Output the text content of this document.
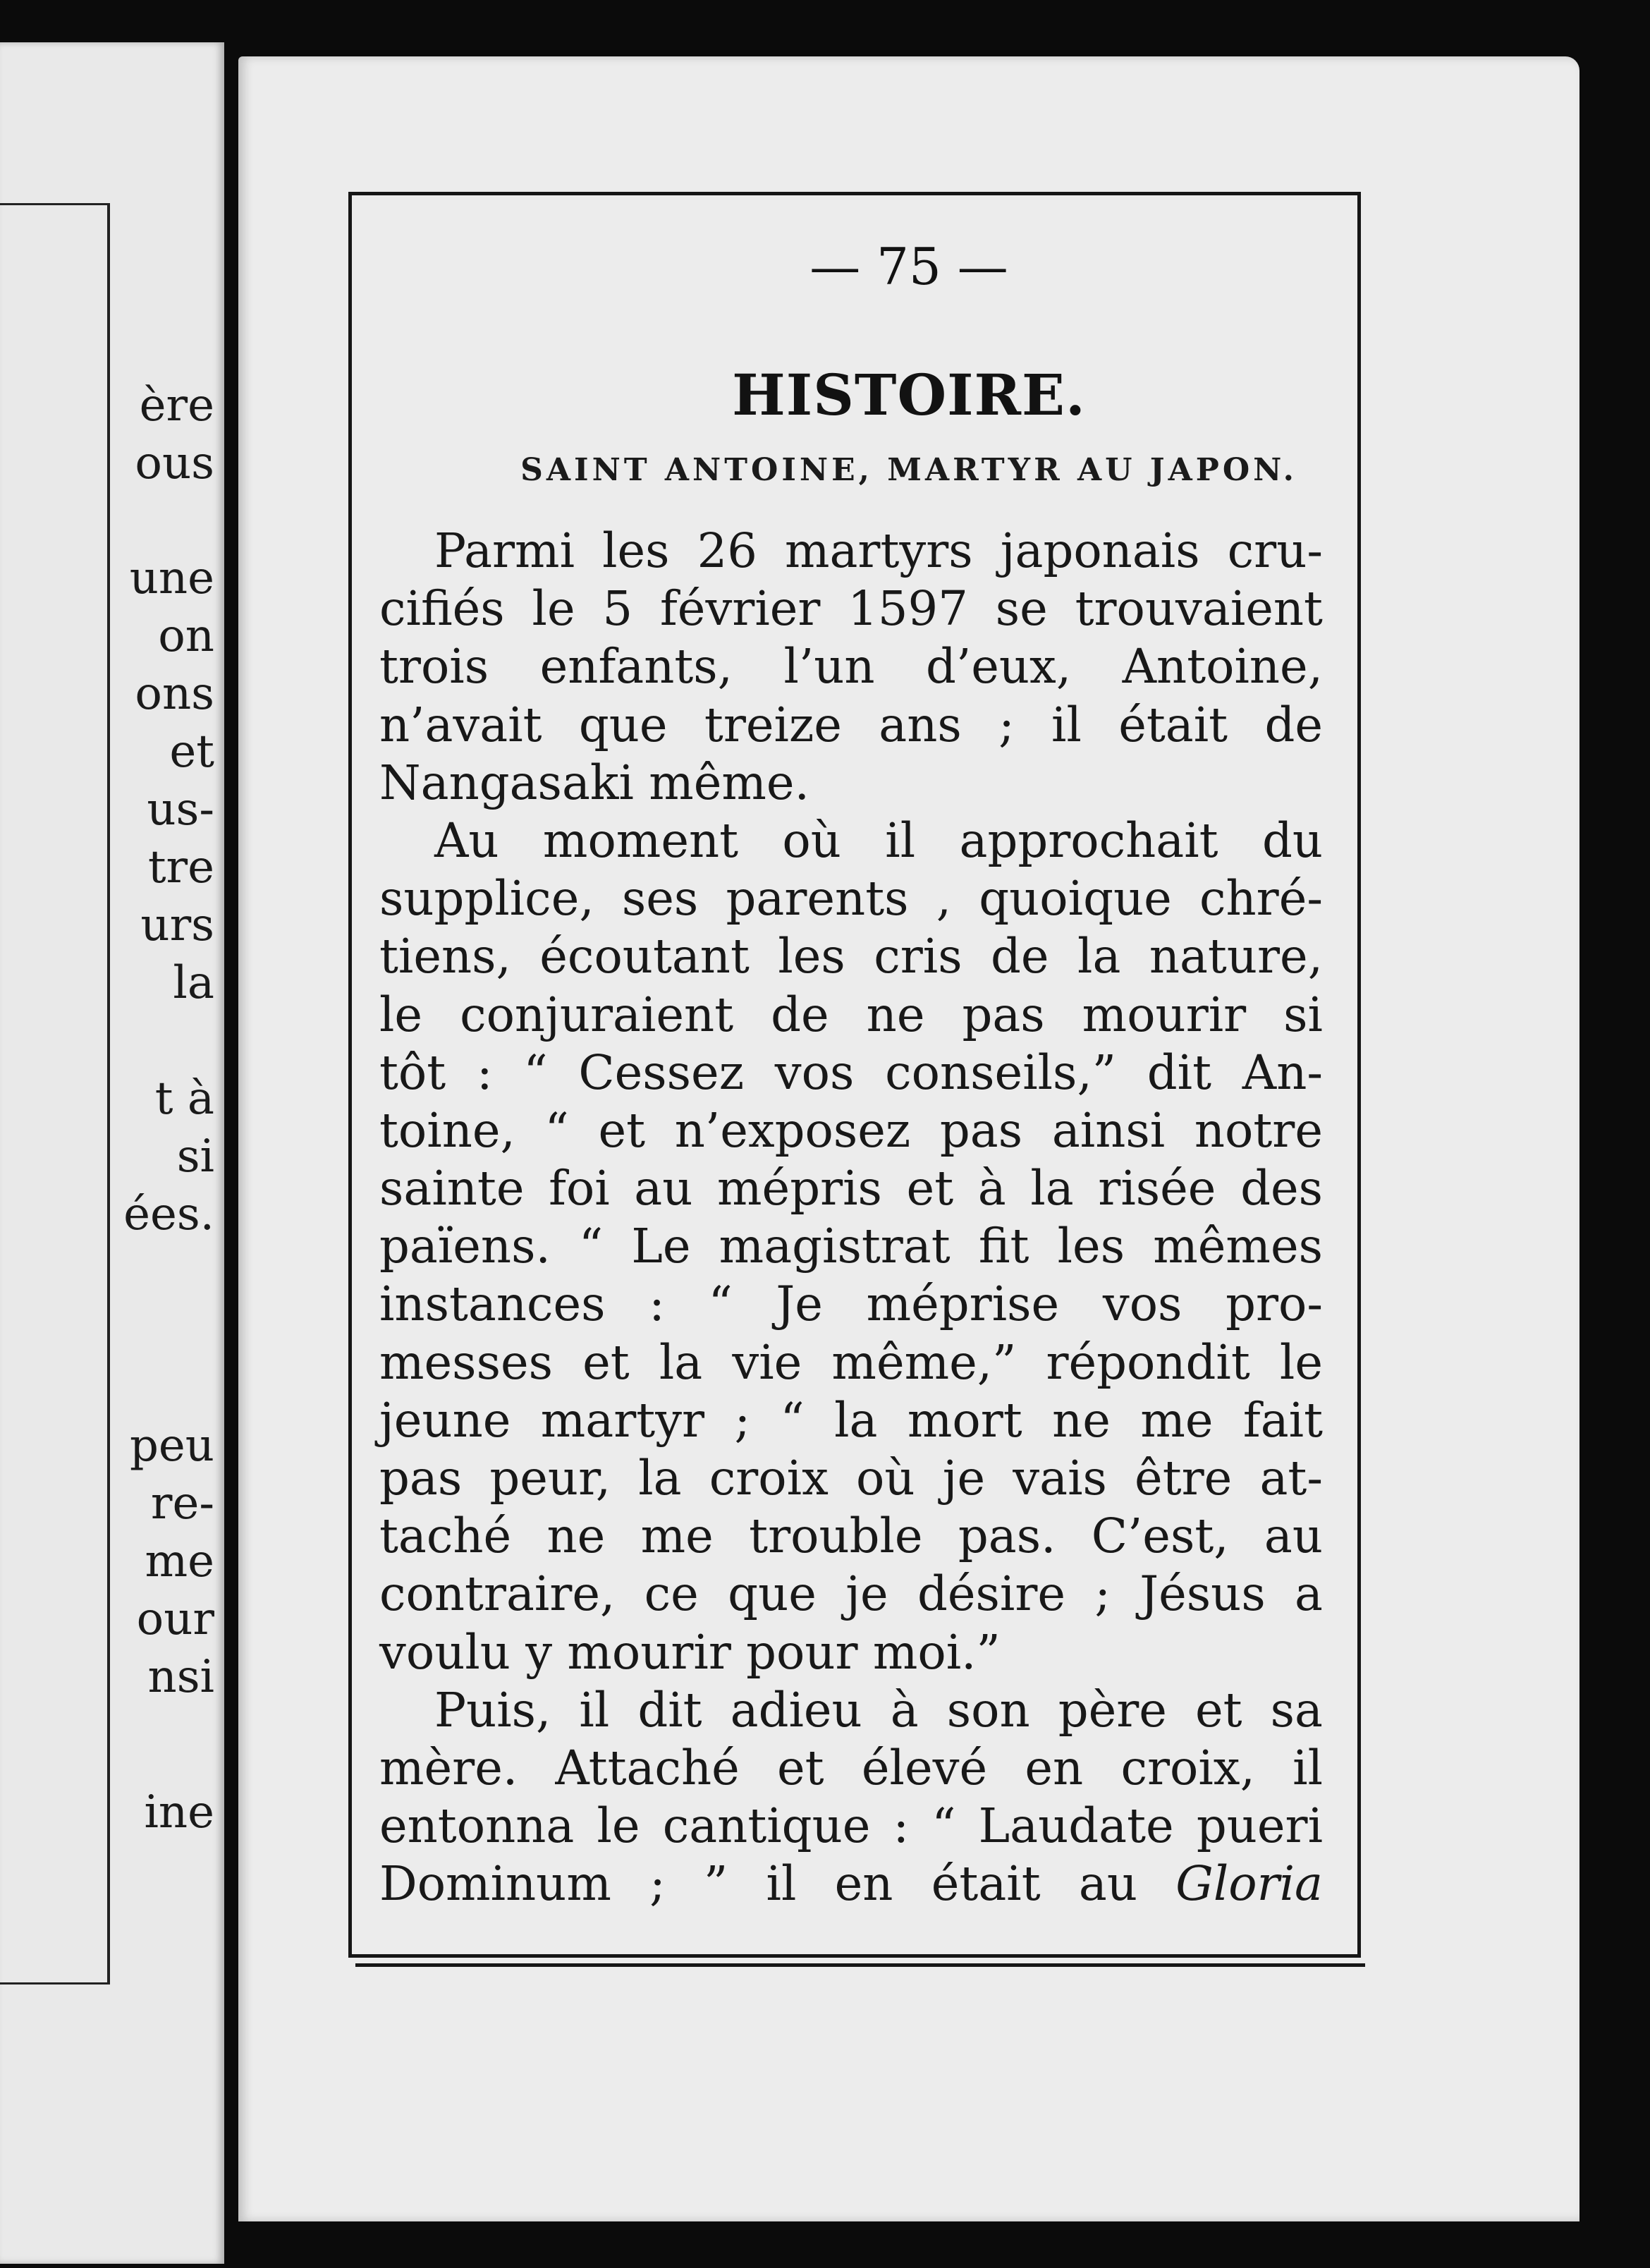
ère
ous
une
on
ons
et
us-
tre
urs
la
t à
si
ées.
peu
re-
me
our
nsi
ine
— 75 —
HISTOIRE.
SAINT ANTOINE, MARTYR AU JAPON.
Parmi les 26 martyrs japonais cru-
cifiés le 5 février 1597 se trouvaient
trois enfants, l’un d’eux, Antoine,
n’avait que treize ans ; il était de
Nangasaki même.
Au moment où il approchait du
supplice, ses parents , quoique chré-
tiens, écoutant les cris de la nature,
le conjuraient de ne pas mourir si
tôt : “ Cessez vos conseils,” dit An-
toine, “ et n’exposez pas ainsi notre
sainte foi au mépris et à la risée des
païens. “ Le magistrat fit les mêmes
instances : “ Je méprise vos pro-
messes et la vie même,” répondit le
jeune martyr ; “ la mort ne me fait
pas peur, la croix où je vais être at-
taché ne me trouble pas. C’est, au
contraire, ce que je désire ; Jésus a
voulu y mourir pour moi.”
Puis, il dit adieu à son père et sa
mère. Attaché et élevé en croix, il
entonna le cantique : “ Laudate pueri
Dominum ; ” il en était au Gloria
